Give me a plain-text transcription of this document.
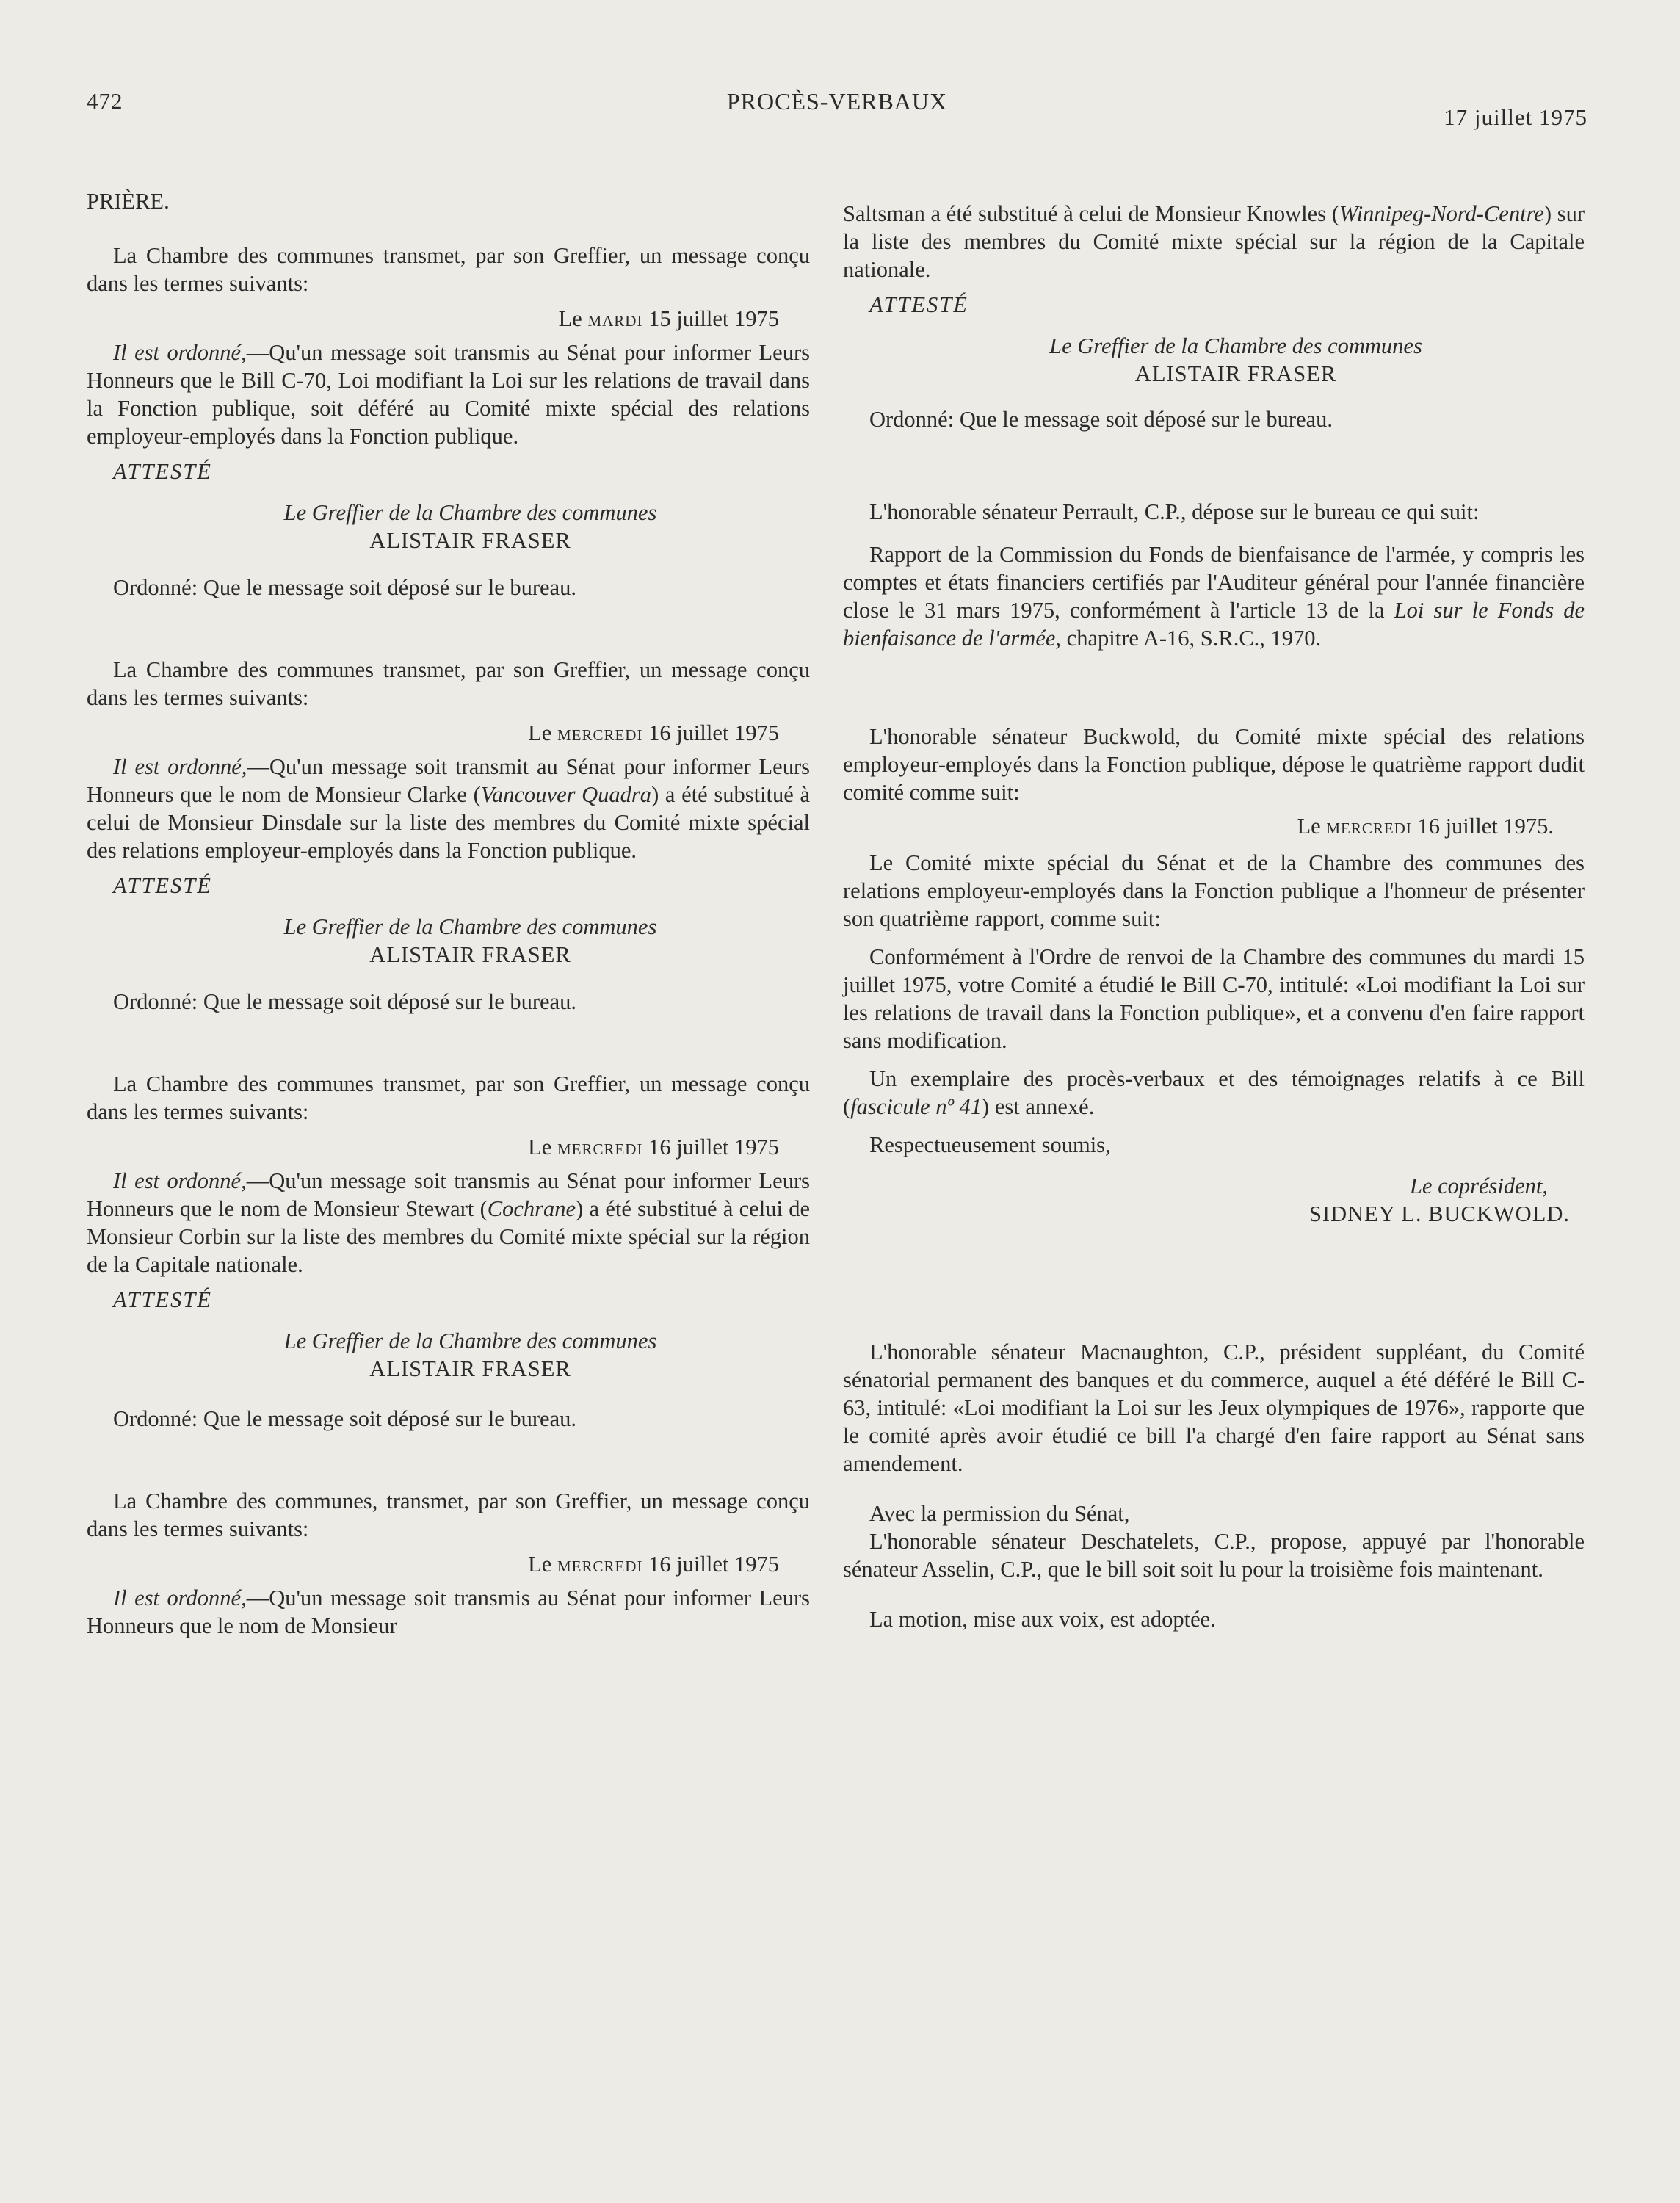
472	PROCÈS-VERBAUX
17 juillet 1975

PRIÈRE.

La Chambre des communes transmet, par son Greffier, un message conçu dans les termes suivants:

Le mardi 15 juillet 1975

Il est ordonné,—Qu'un message soit transmis au Sénat pour informer Leurs Honneurs que le Bill C-70, Loi modifiant la Loi sur les relations de travail dans la Fonction publique, soit déféré au Comité mixte spécial des relations employeur-employés dans la Fonction publique.

ATTESTÉ

Le Greffier de la Chambre des communes

ALISTAIR FRASER

Ordonné: Que le message soit déposé sur le bureau.

La Chambre des communes transmet, par son Greffier, un message conçu dans les termes suivants:

Le mercredi 16 juillet 1975

Il est ordonné,—Qu'un message soit transmit au Sénat pour informer Leurs Honneurs que le nom de Monsieur Clarke (Vancouver Quadra) a été substitué à celui de Monsieur Dinsdale sur la liste des membres du Comité mixte spécial des relations employeur-employés dans la Fonction publique.

ATTESTÉ

Le Greffier de la Chambre des communes

ALISTAIR FRASER

Ordonné: Que le message soit déposé sur le bureau.

La Chambre des communes transmet, par son Greffier, un message conçu dans les termes suivants:

Le mercredi 16 juillet 1975

Il est ordonné,—Qu'un message soit transmis au Sénat pour informer Leurs Honneurs que le nom de Monsieur Stewart (Cochrane) a été substitué à celui de Monsieur Corbin sur la liste des membres du Comité mixte spécial sur la région de la Capitale nationale.

ATTESTÉ

Le Greffier de la Chambre des communes

ALISTAIR FRASER

Ordonné: Que le message soit déposé sur le bureau.

La Chambre des communes, transmet, par son Greffier, un message conçu dans les termes suivants:

Le mercredi 16 juillet 1975

Il est ordonné,—Qu'un message soit transmis au Sénat pour informer Leurs Honneurs que le nom de Monsieur

Saltsman a été substitué à celui de Monsieur Knowles (Winnipeg-Nord-Centre) sur la liste des membres du Comité mixte spécial sur la région de la Capitale nationale.

ATTESTÉ

Le Greffier de la Chambre des communes

ALISTAIR FRASER

Ordonné: Que le message soit déposé sur le bureau.

L'honorable sénateur Perrault, C.P., dépose sur le bureau ce qui suit:

Rapport de la Commission du Fonds de bienfaisance de l'armée, y compris les comptes et états financiers certifiés par l'Auditeur général pour l'année financière close le 31 mars 1975, conformément à l'article 13 de la Loi sur le Fonds de bienfaisance de l'armée, chapitre A-16, S.R.C., 1970.

L'honorable sénateur Buckwold, du Comité mixte spécial des relations employeur-employés dans la Fonction publique, dépose le quatrième rapport dudit comité comme suit:

Le mercredi 16 juillet 1975.

Le Comité mixte spécial du Sénat et de la Chambre des communes des relations employeur-employés dans la Fonction publique a l'honneur de présenter son quatrième rapport, comme suit:

Conformément à l'Ordre de renvoi de la Chambre des communes du mardi 15 juillet 1975, votre Comité a étudié le Bill C-70, intitulé: «Loi modifiant la Loi sur les relations de travail dans la Fonction publique», et a convenu d'en faire rapport sans modification.

Un exemplaire des procès-verbaux et des témoignages relatifs à ce Bill (fascicule nº 41) est annexé.

Respectueusement soumis,

Le coprésident,

SIDNEY L. BUCKWOLD.

L'honorable sénateur Macnaughton, C.P., président suppléant, du Comité sénatorial permanent des banques et du commerce, auquel a été déféré le Bill C-63, intitulé: «Loi modifiant la Loi sur les Jeux olympiques de 1976», rapporte que le comité après avoir étudié ce bill l'a chargé d'en faire rapport au Sénat sans amendement.

Avec la permission du Sénat,

L'honorable sénateur Deschatelets, C.P., propose, appuyé par l'honorable sénateur Asselin, C.P., que le bill soit soit lu pour la troisième fois maintenant.

La motion, mise aux voix, est adoptée.
